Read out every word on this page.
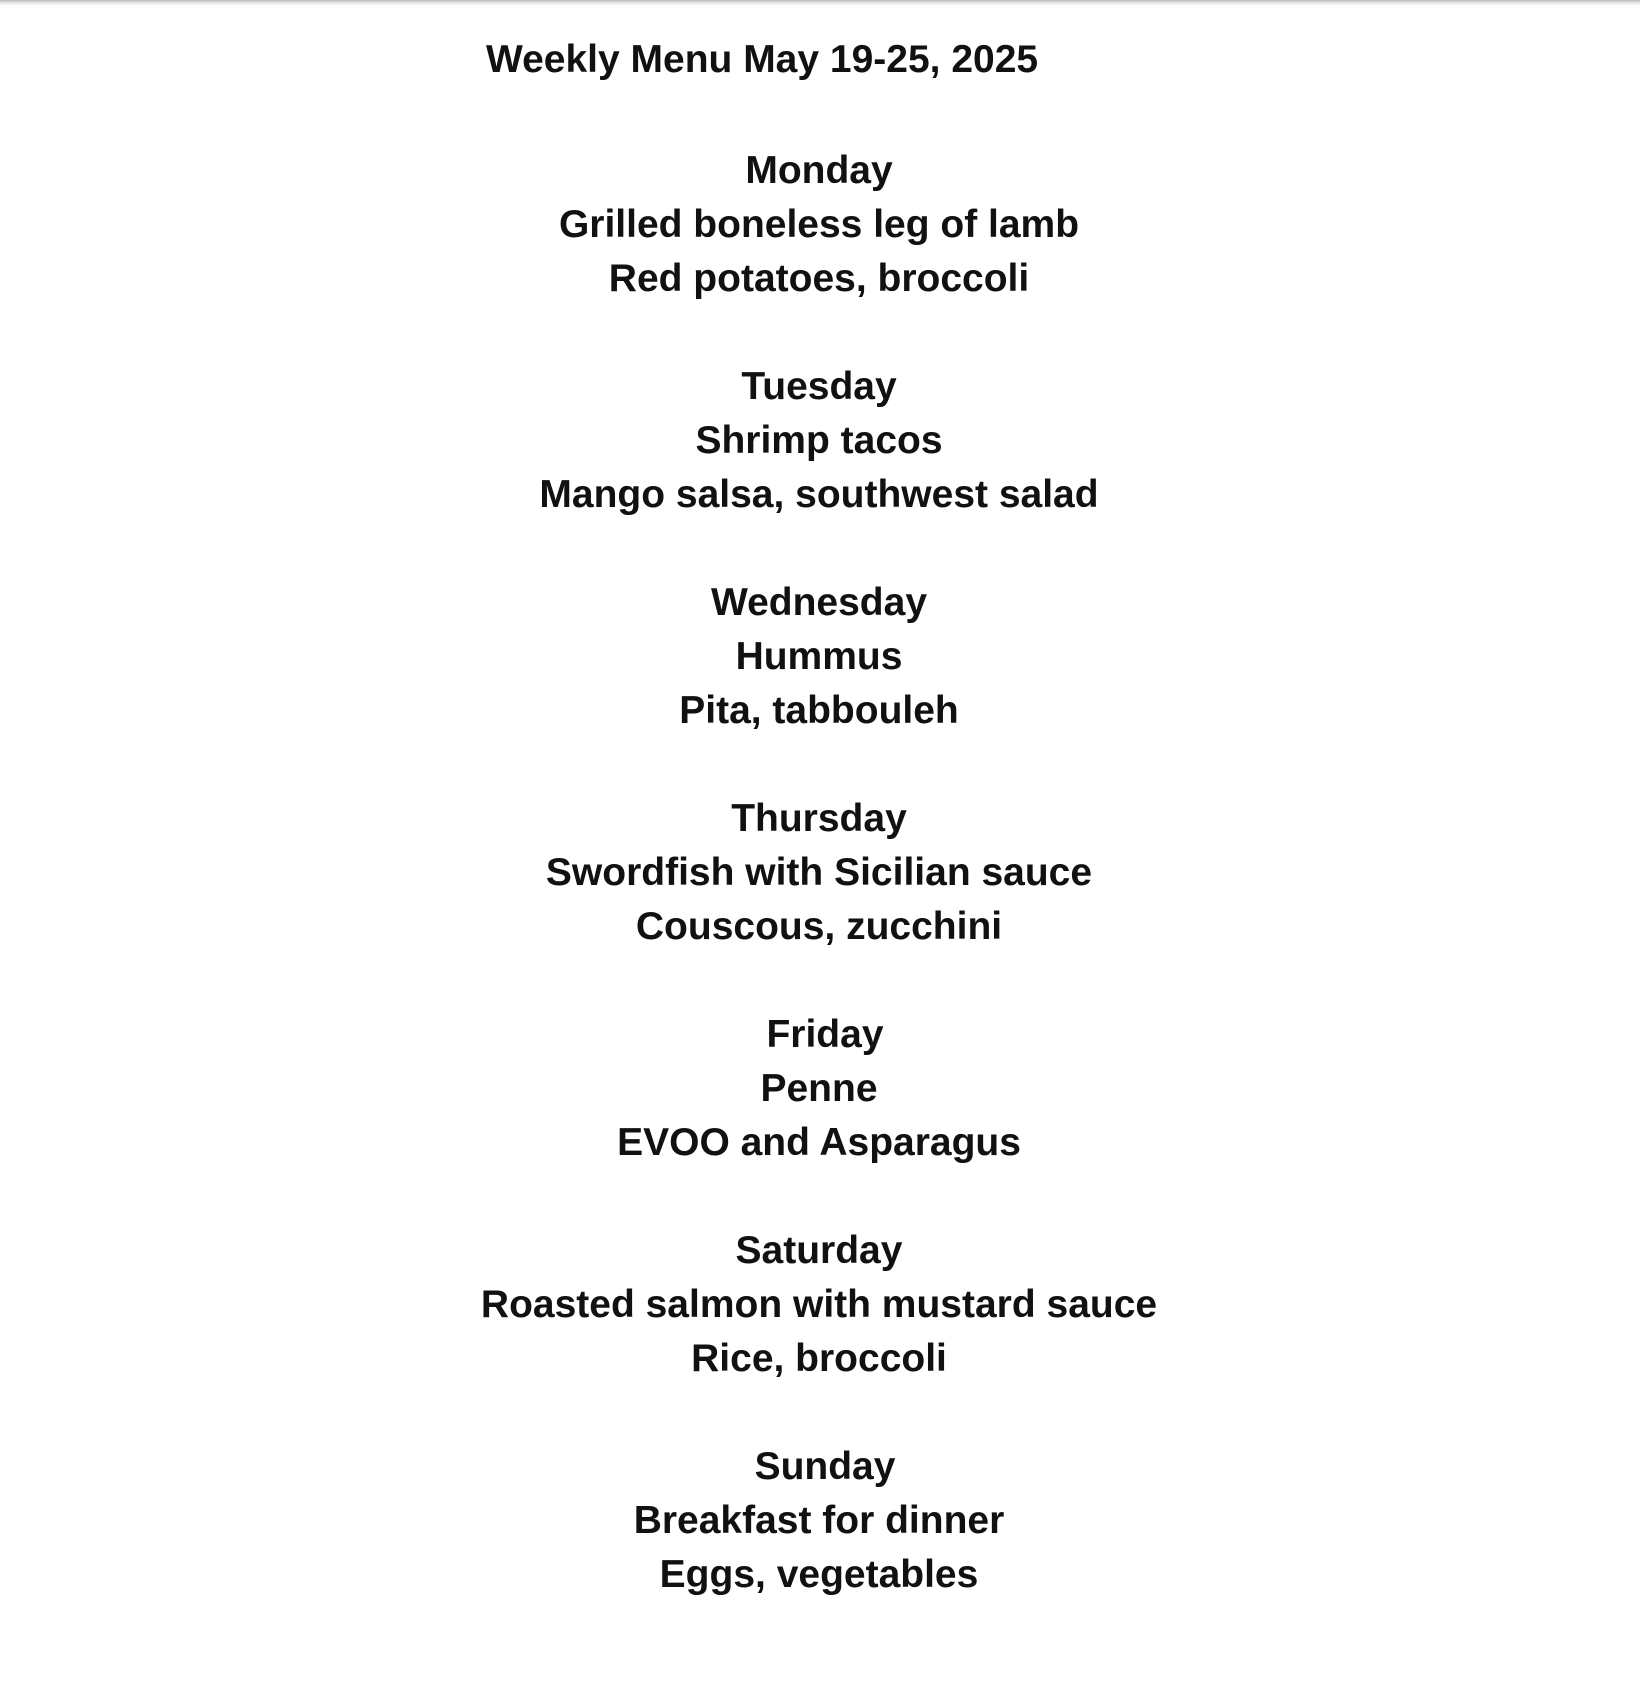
Weekly Menu May 19-25, 2025
Monday
Grilled boneless leg of lamb
Red potatoes, broccoli
Tuesday
Shrimp tacos
Mango salsa, southwest salad
Wednesday
Hummus
Pita, tabbouleh
Thursday
Swordfish with Sicilian sauce
Couscous, zucchini
Friday
Penne
EVOO and Asparagus
Saturday
Roasted salmon with mustard sauce
Rice, broccoli
Sunday
Breakfast for dinner
Eggs, vegetables
